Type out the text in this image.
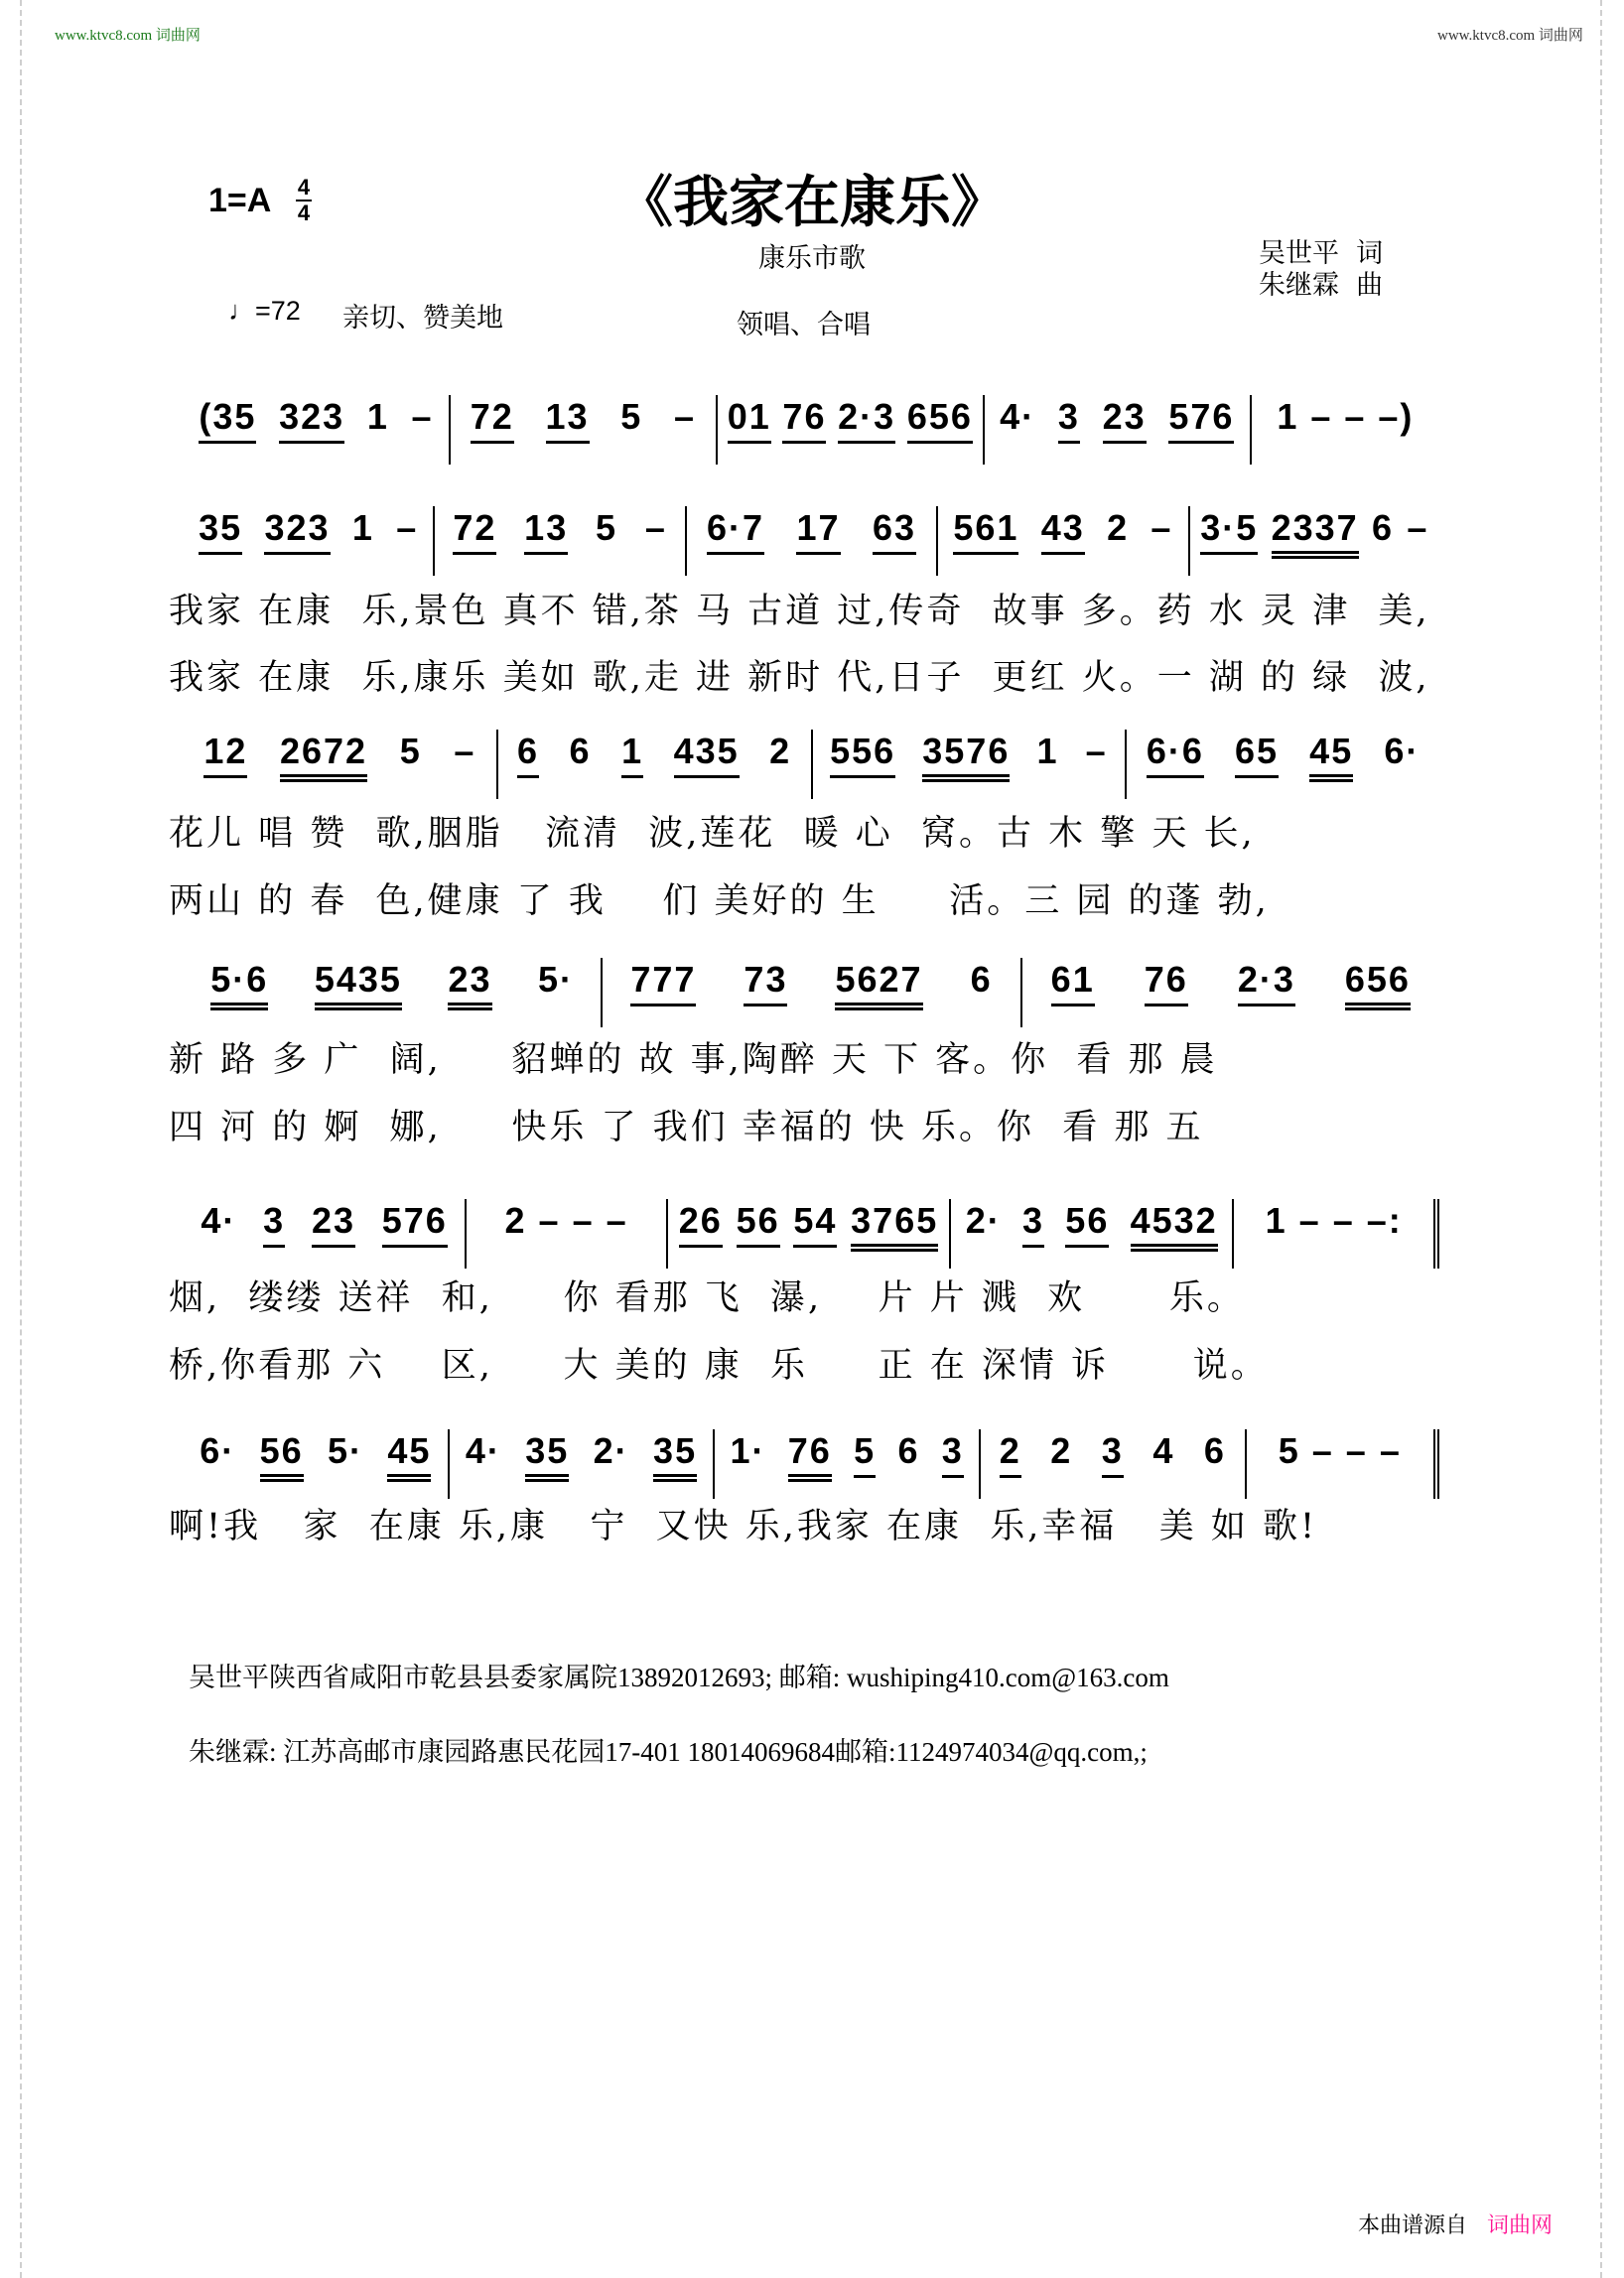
www.ktvc8.com 词曲网	www.ktvc8.com 词曲网
《我家在康乐》
1=A 4
4
康乐市歌	吴世平  词
朱继霖  曲
♩=72 亲切、赞美地	领唱、合唱
(35 323 1 – 72 13 5 – 01 76 2·3 656 4· 3 23 576 1 – – –)
35 323 1 – 72 13 5 – 6·7 17 63 561 43 2 – 3·5 2337 6 –
12 2672 5 – 6 6 1 435 2 556 3576 1 – 6·6 65 45 6·
5·6 5435 23 5· 777 73 5627 6 61 76 2·3 656
4· 3 23 576 2 – – – 26 56 54 3765 2· 3 56 4532 1 – – –:
6· 56 5· 45 4· 35 2· 35 1· 76 5 6 3 2 2 3 4 6 5 – – –
我家 在康  乐,景色 真不 错,茶 马 古道 过,传奇  故事 多。药 水 灵 津  美,
我家 在康  乐,康乐 美如 歌,走 进 新时 代,日子  更红 火。一 湖 的 绿  波,
花儿 唱 赞  歌,胭脂   流清  波,莲花  暖 心  窝。古 木 擎 天 长,
两山 的 春  色,健康 了 我    们 美好的 生     活。三 园 的蓬 勃,
新 路 多 广  阔,     貂蝉的 故 事,陶醉 天 下 客。你  看 那 晨
四 河 的 婀  娜,     快乐 了 我们 幸福的 快 乐。你  看 那 五
烟,  缕缕 送祥  和,     你 看那 飞  瀑,    片 片 溅  欢      乐。
桥,你看那 六    区,     大 美的 康  乐     正 在 深情 诉      说。
啊!我   家  在康 乐,康   宁  又快 乐,我家 在康  乐,幸福   美 如 歌!
吴世平陕西省咸阳市乾县县委家属院13892012693; 邮箱: wushiping410.com@163.com
朱继霖: 江苏高邮市康园路惠民花园17-401 18014069684邮箱:1124974034@qq.com,;
本曲谱源自 词曲网
